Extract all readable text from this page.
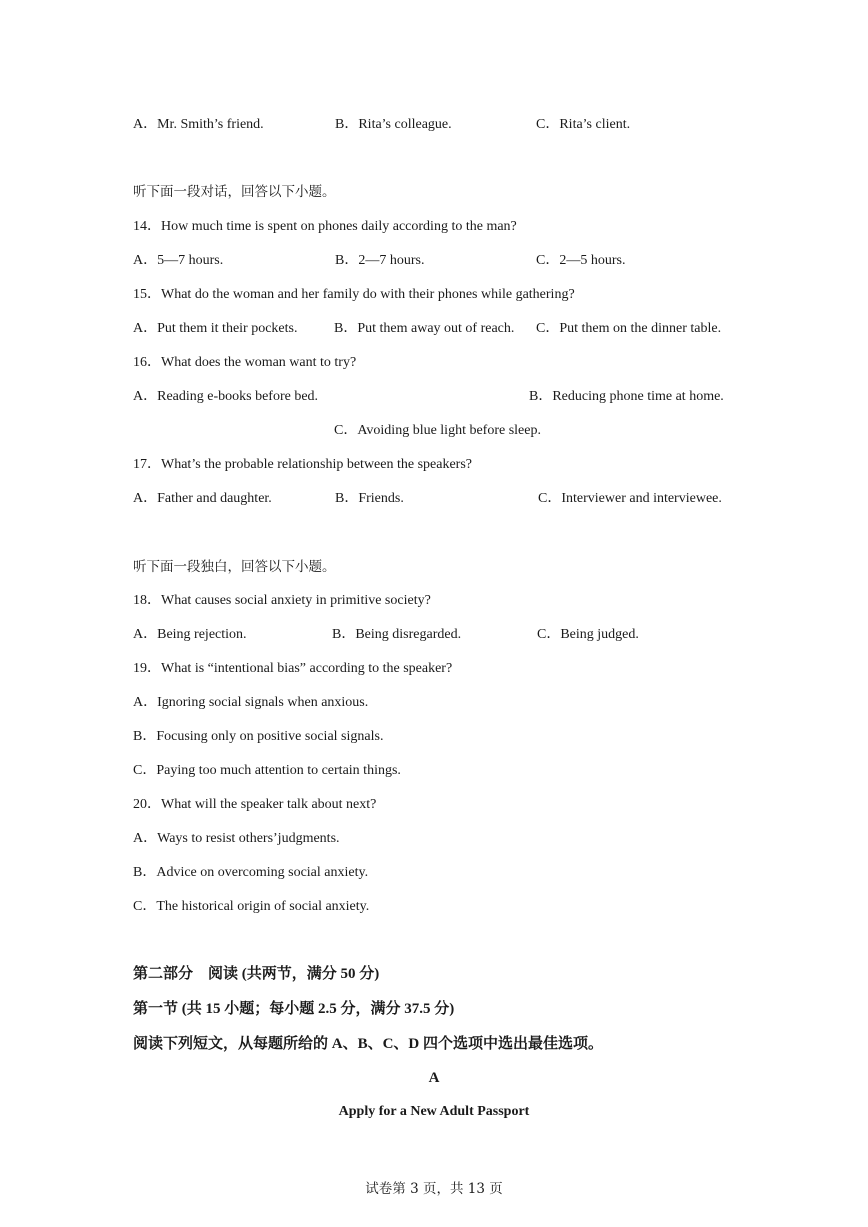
A．Mr. Smith’s friend.	B．Rita’s colleague.	C．Rita’s client.
听下面一段对话，回答以下小题。
14．How much time is spent on phones daily according to the man?
A．5—7 hours.	B．2—7 hours.	C．2—5 hours.
15．What do the woman and her family do with their phones while gathering?
A．Put them it their pockets.	B．Put them away out of reach. C．Put them on the dinner table.
16．What does the woman want to try?
A．Reading e-books before bed.	B．Reducing phone time at home.
C．Avoiding blue light before sleep.
17．What’s the probable relationship between the speakers?
A．Father and daughter.	B．Friends.	C．Interviewer and interviewee.
听下面一段独白，回答以下小题。
18．What causes social anxiety in primitive society?
A．Being rejection.	B．Being disregarded.	C．Being judged.
19．What is “intentional bias” according to the speaker?
A．Ignoring social signals when anxious.
B．Focusing only on positive social signals.
C．Paying too much attention to certain things.
20．What will the speaker talk about next?
A．Ways to resist others’judgments.
B．Advice on overcoming social anxiety.
C．The historical origin of social anxiety.
第二部分　阅读 (共两节，满分 50 分)
第一节 (共 15 小题；每小题 2.5 分，满分 37.5 分)
阅读下列短文，从每题所给的 A、B、C、D 四个选项中选出最佳选项。
A
Apply for a New Adult Passport
试卷第 3 页，共 13 页
